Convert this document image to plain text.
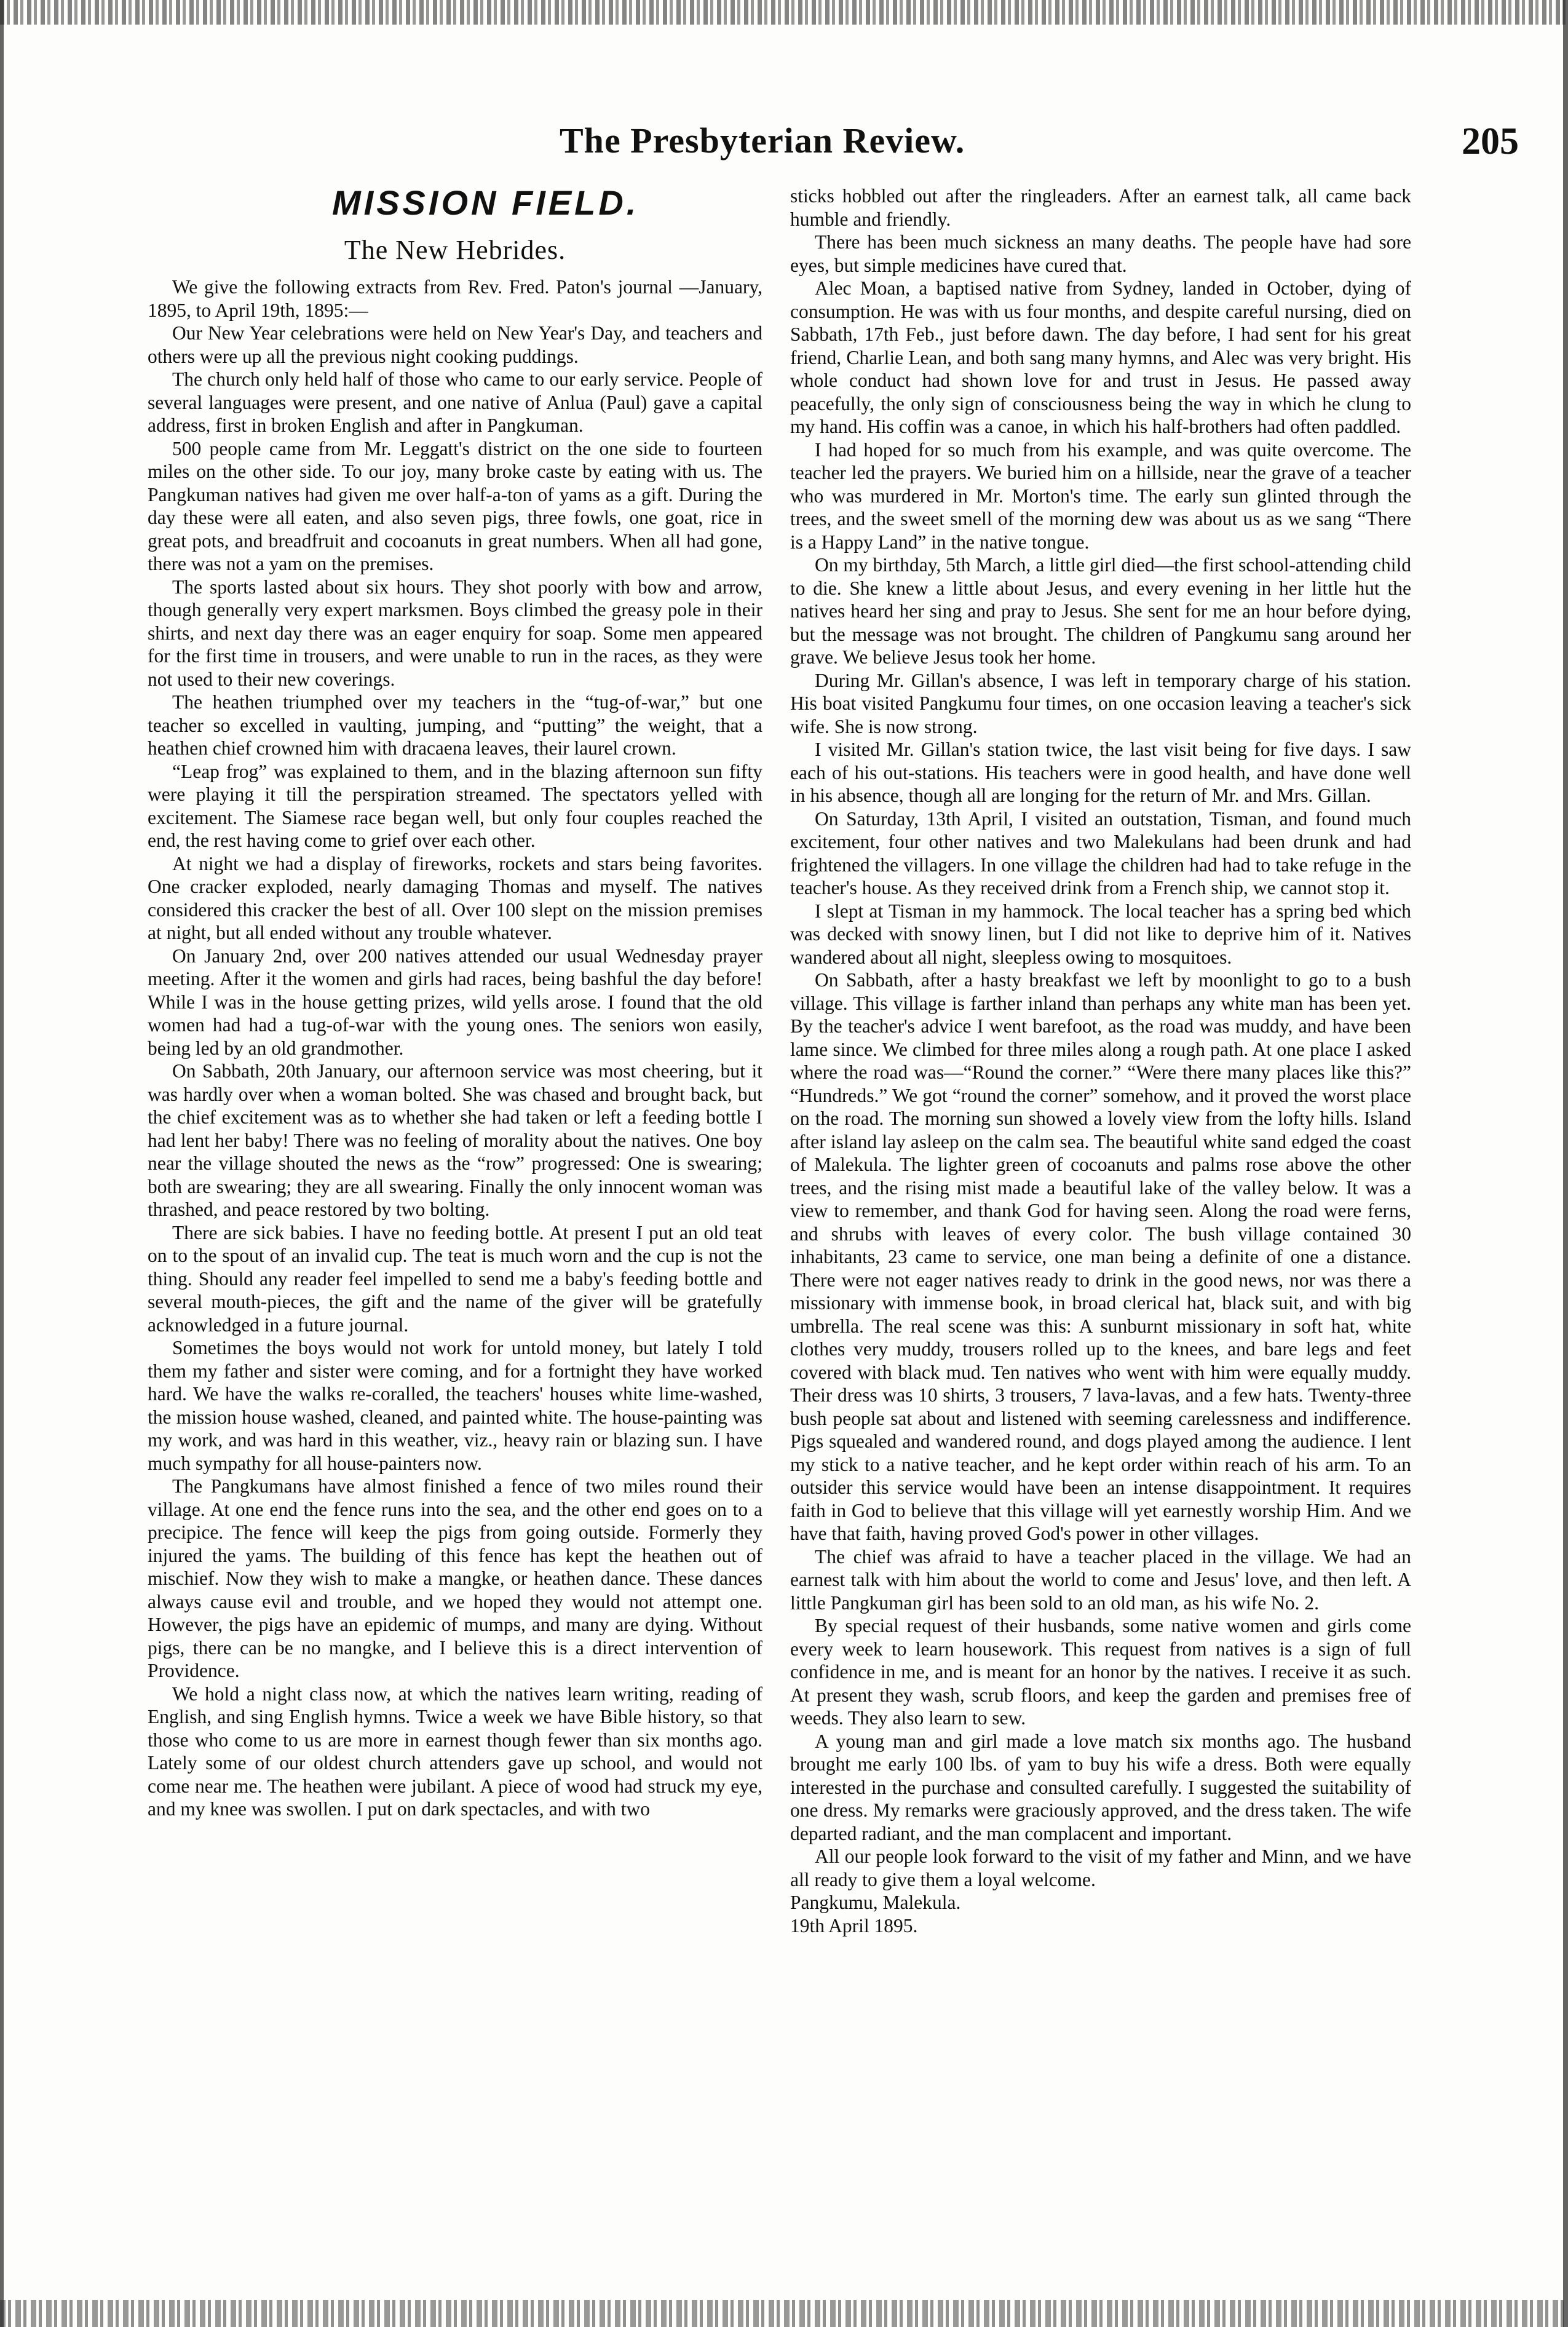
The Presbyterian Review.	205
MISSION FIELD.
The New Hebrides.

We give the following extracts from Rev. Fred. Paton's journal —January, 1895, to April 19th, 1895:—

Our New Year celebrations were held on New Year's Day, and teachers and others were up all the previous night cooking puddings.

The church only held half of those who came to our early service. People of several languages were present, and one native of Anlua (Paul) gave a capital address, first in broken English and after in Pangkuman.

500 people came from Mr. Leggatt's district on the one side to fourteen miles on the other side. To our joy, many broke caste by eating with us. The Pangkuman natives had given me over half-a-ton of yams as a gift. During the day these were all eaten, and also seven pigs, three fowls, one goat, rice in great pots, and breadfruit and cocoanuts in great numbers. When all had gone, there was not a yam on the premises.

The sports lasted about six hours. They shot poorly with bow and arrow, though generally very expert marksmen. Boys climbed the greasy pole in their shirts, and next day there was an eager enquiry for soap. Some men appeared for the first time in trousers, and were unable to run in the races, as they were not used to their new coverings.

The heathen triumphed over my teachers in the “tug-of-war,” but one teacher so excelled in vaulting, jumping, and “putting” the weight, that a heathen chief crowned him with dracaena leaves, their laurel crown.

“Leap frog” was explained to them, and in the blazing afternoon sun fifty were playing it till the perspiration streamed. The spectators yelled with excitement. The Siamese race began well, but only four couples reached the end, the rest having come to grief over each other.

At night we had a display of fireworks, rockets and stars being favorites. One cracker exploded, nearly damaging Thomas and myself. The natives considered this cracker the best of all. Over 100 slept on the mission premises at night, but all ended without any trouble whatever.

On January 2nd, over 200 natives attended our usual Wednesday prayer meeting. After it the women and girls had races, being bashful the day before! While I was in the house getting prizes, wild yells arose. I found that the old women had had a tug-of-war with the young ones. The seniors won easily, being led by an old grandmother.

On Sabbath, 20th January, our afternoon service was most cheering, but it was hardly over when a woman bolted. She was chased and brought back, but the chief excitement was as to whether she had taken or left a feeding bottle I had lent her baby! There was no feeling of morality about the natives. One boy near the village shouted the news as the “row” progressed: One is swearing; both are swearing; they are all swearing. Finally the only innocent woman was thrashed, and peace restored by two bolting.

There are sick babies. I have no feeding bottle. At present I put an old teat on to the spout of an invalid cup. The teat is much worn and the cup is not the thing. Should any reader feel impelled to send me a baby's feeding bottle and several mouth-pieces, the gift and the name of the giver will be gratefully acknowledged in a future journal.

Sometimes the boys would not work for untold money, but lately I told them my father and sister were coming, and for a fortnight they have worked hard. We have the walks re-coralled, the teachers' houses white lime-washed, the mission house washed, cleaned, and painted white. The house-painting was my work, and was hard in this weather, viz., heavy rain or blazing sun. I have much sympathy for all house-painters now.

The Pangkumans have almost finished a fence of two miles round their village. At one end the fence runs into the sea, and the other end goes on to a precipice. The fence will keep the pigs from going outside. Formerly they injured the yams. The building of this fence has kept the heathen out of mischief. Now they wish to make a mangke, or heathen dance. These dances always cause evil and trouble, and we hoped they would not attempt one. However, the pigs have an epidemic of mumps, and many are dying. Without pigs, there can be no mangke, and I believe this is a direct intervention of Providence.

We hold a night class now, at which the natives learn writing, reading of English, and sing English hymns. Twice a week we have Bible history, so that those who come to us are more in earnest though fewer than six months ago. Lately some of our oldest church attenders gave up school, and would not come near me. The heathen were jubilant. A piece of wood had struck my eye, and my knee was swollen. I put on dark spectacles, and with two

sticks hobbled out after the ringleaders. After an earnest talk, all came back humble and friendly.

There has been much sickness an many deaths. The people have had sore eyes, but simple medicines have cured that.

Alec Moan, a baptised native from Sydney, landed in October, dying of consumption. He was with us four months, and despite careful nursing, died on Sabbath, 17th Feb., just before dawn. The day before, I had sent for his great friend, Charlie Lean, and both sang many hymns, and Alec was very bright. His whole conduct had shown love for and trust in Jesus. He passed away peacefully, the only sign of consciousness being the way in which he clung to my hand. His coffin was a canoe, in which his half-brothers had often paddled.

I had hoped for so much from his example, and was quite overcome. The teacher led the prayers. We buried him on a hillside, near the grave of a teacher who was murdered in Mr. Morton's time. The early sun glinted through the trees, and the sweet smell of the morning dew was about us as we sang “There is a Happy Land” in the native tongue.

On my birthday, 5th March, a little girl died—the first school-attending child to die. She knew a little about Jesus, and every evening in her little hut the natives heard her sing and pray to Jesus. She sent for me an hour before dying, but the message was not brought. The children of Pangkumu sang around her grave. We believe Jesus took her home.

During Mr. Gillan's absence, I was left in temporary charge of his station. His boat visited Pangkumu four times, on one occasion leaving a teacher's sick wife. She is now strong.

I visited Mr. Gillan's station twice, the last visit being for five days. I saw each of his out-stations. His teachers were in good health, and have done well in his absence, though all are longing for the return of Mr. and Mrs. Gillan.

On Saturday, 13th April, I visited an outstation, Tisman, and found much excitement, four other natives and two Malekulans had been drunk and had frightened the villagers. In one village the children had had to take refuge in the teacher's house. As they received drink from a French ship, we cannot stop it.

I slept at Tisman in my hammock. The local teacher has a spring bed which was decked with snowy linen, but I did not like to deprive him of it. Natives wandered about all night, sleepless owing to mosquitoes.

On Sabbath, after a hasty breakfast we left by moonlight to go to a bush village. This village is farther inland than perhaps any white man has been yet. By the teacher's advice I went barefoot, as the road was muddy, and have been lame since. We climbed for three miles along a rough path. At one place I asked where the road was—“Round the corner.” “Were there many places like this?” “Hundreds.” We got “round the corner” somehow, and it proved the worst place on the road. The morning sun showed a lovely view from the lofty hills. Island after island lay asleep on the calm sea. The beautiful white sand edged the coast of Malekula. The lighter green of cocoanuts and palms rose above the other trees, and the rising mist made a beautiful lake of the valley below. It was a view to remember, and thank God for having seen. Along the road were ferns, and shrubs with leaves of every color. The bush village contained 30 inhabitants, 23 came to service, one man being a definite of one a distance. There were not eager natives ready to drink in the good news, nor was there a missionary with immense book, in broad clerical hat, black suit, and with big umbrella. The real scene was this: A sunburnt missionary in soft hat, white clothes very muddy, trousers rolled up to the knees, and bare legs and feet covered with black mud. Ten natives who went with him were equally muddy. Their dress was 10 shirts, 3 trousers, 7 lava-lavas, and a few hats. Twenty-three bush people sat about and listened with seeming carelessness and indifference. Pigs squealed and wandered round, and dogs played among the audience. I lent my stick to a native teacher, and he kept order within reach of his arm. To an outsider this service would have been an intense disappointment. It requires faith in God to believe that this village will yet earnestly worship Him. And we have that faith, having proved God's power in other villages.

The chief was afraid to have a teacher placed in the village. We had an earnest talk with him about the world to come and Jesus' love, and then left. A little Pangkuman girl has been sold to an old man, as his wife No. 2.

By special request of their husbands, some native women and girls come every week to learn housework. This request from natives is a sign of full confidence in me, and is meant for an honor by the natives. I receive it as such. At present they wash, scrub floors, and keep the garden and premises free of weeds. They also learn to sew.

A young man and girl made a love match six months ago. The husband brought me early 100 lbs. of yam to buy his wife a dress. Both were equally interested in the purchase and consulted carefully. I suggested the suitability of one dress. My remarks were graciously approved, and the dress taken. The wife departed radiant, and the man complacent and important.

All our people look forward to the visit of my father and Minn, and we have all ready to give them a loyal welcome.

Pangkumu, Malekula.

19th April 1895.
